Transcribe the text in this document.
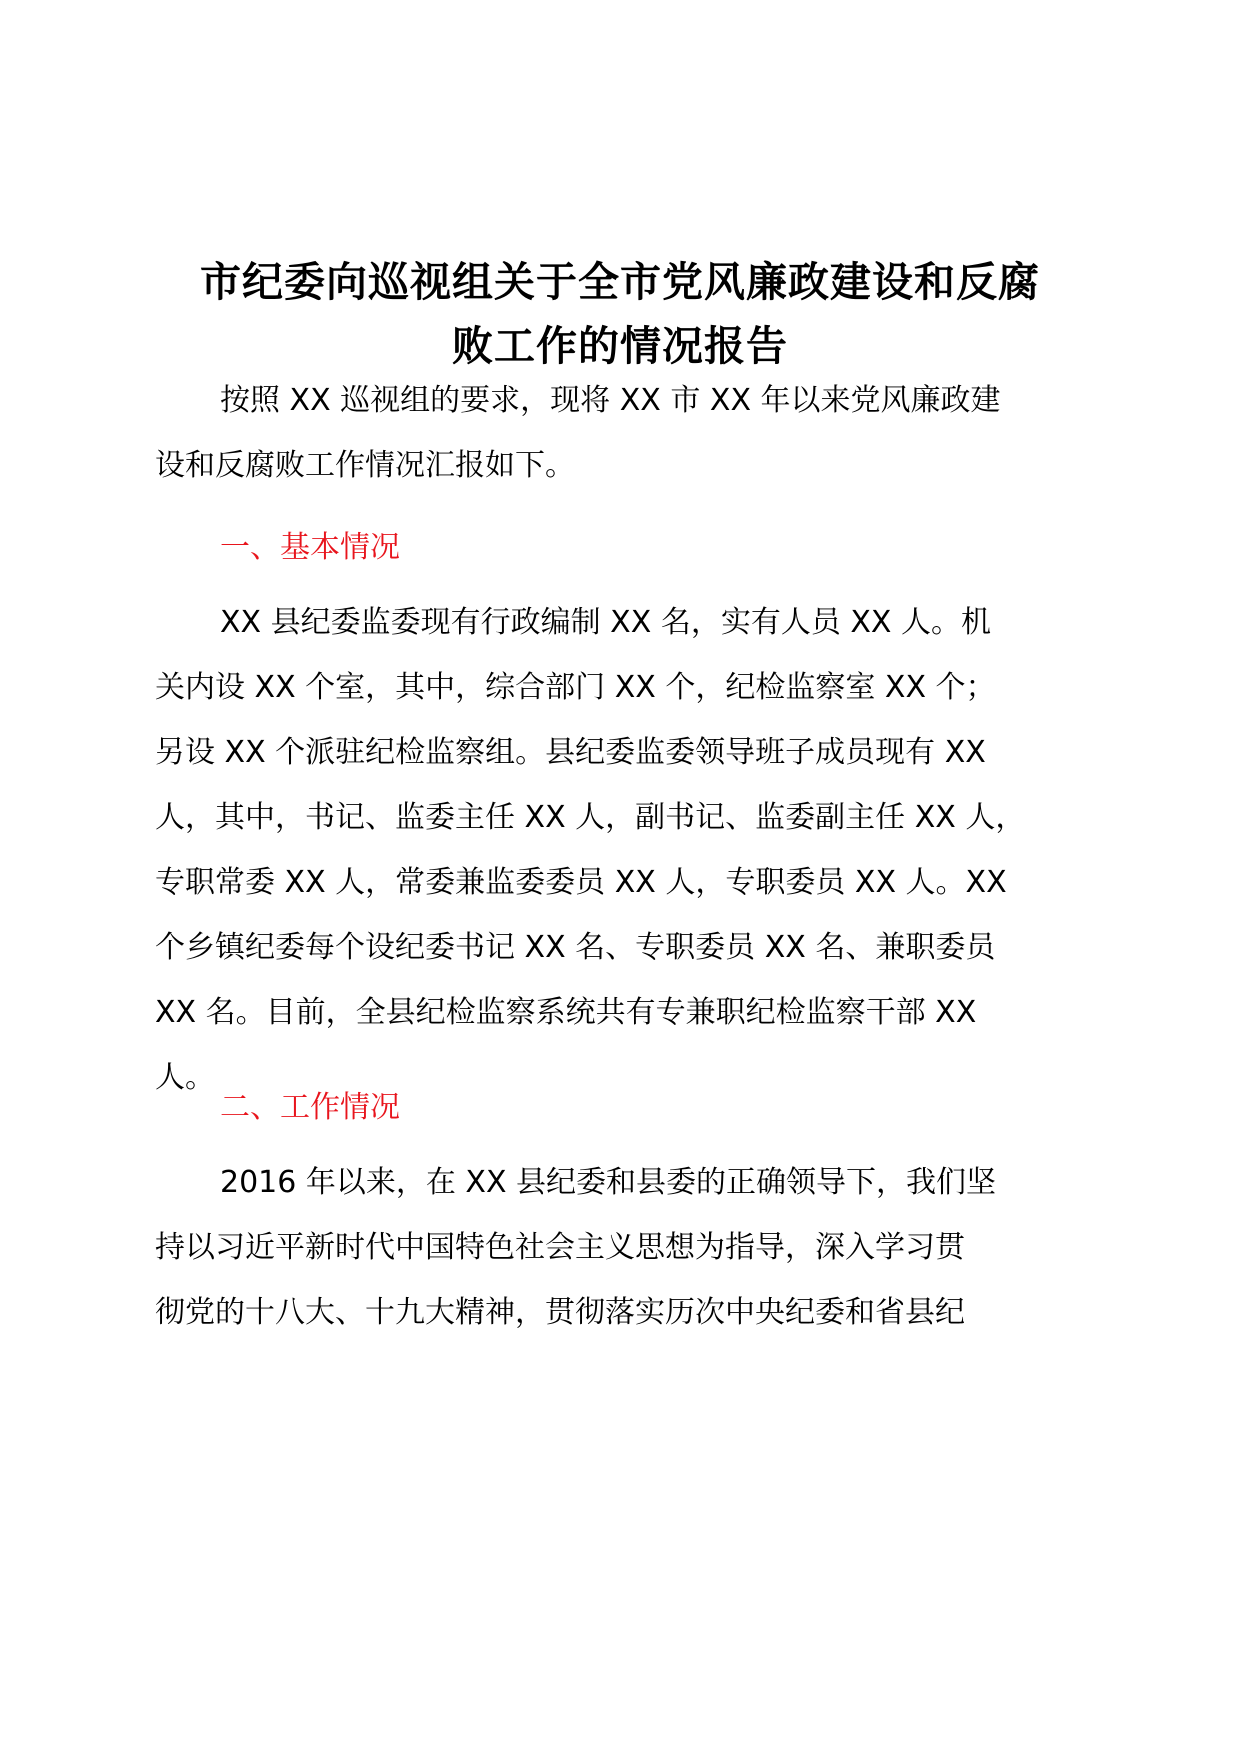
市纪委向巡视组关于全市党风廉政建设和反腐
败工作的情况报告

按照 XX 巡视组的要求，现将 XX 市 XX 年以来党风廉政建
设和反腐败工作情况汇报如下。

一、基本情况

XX 县纪委监委现有行政编制 XX 名，实有人员 XX 人。机
关内设 XX 个室，其中，综合部门 XX 个，纪检监察室 XX 个；
另设 XX 个派驻纪检监察组。县纪委监委领导班子成员现有 XX
人，其中，书记、监委主任 XX 人，副书记、监委副主任 XX 人，
专职常委 XX 人，常委兼监委委员 XX 人，专职委员 XX 人。XX
个乡镇纪委每个设纪委书记 XX 名、专职委员 XX 名、兼职委员
XX 名。目前，全县纪检监察系统共有专兼职纪检监察干部 XX
人。

二、工作情况

2016 年以来，在 XX 县纪委和县委的正确领导下，我们坚
持以习近平新时代中国特色社会主义思想为指导，深入学习贯
彻党的十八大、十九大精神，贯彻落实历次中央纪委和省县纪
